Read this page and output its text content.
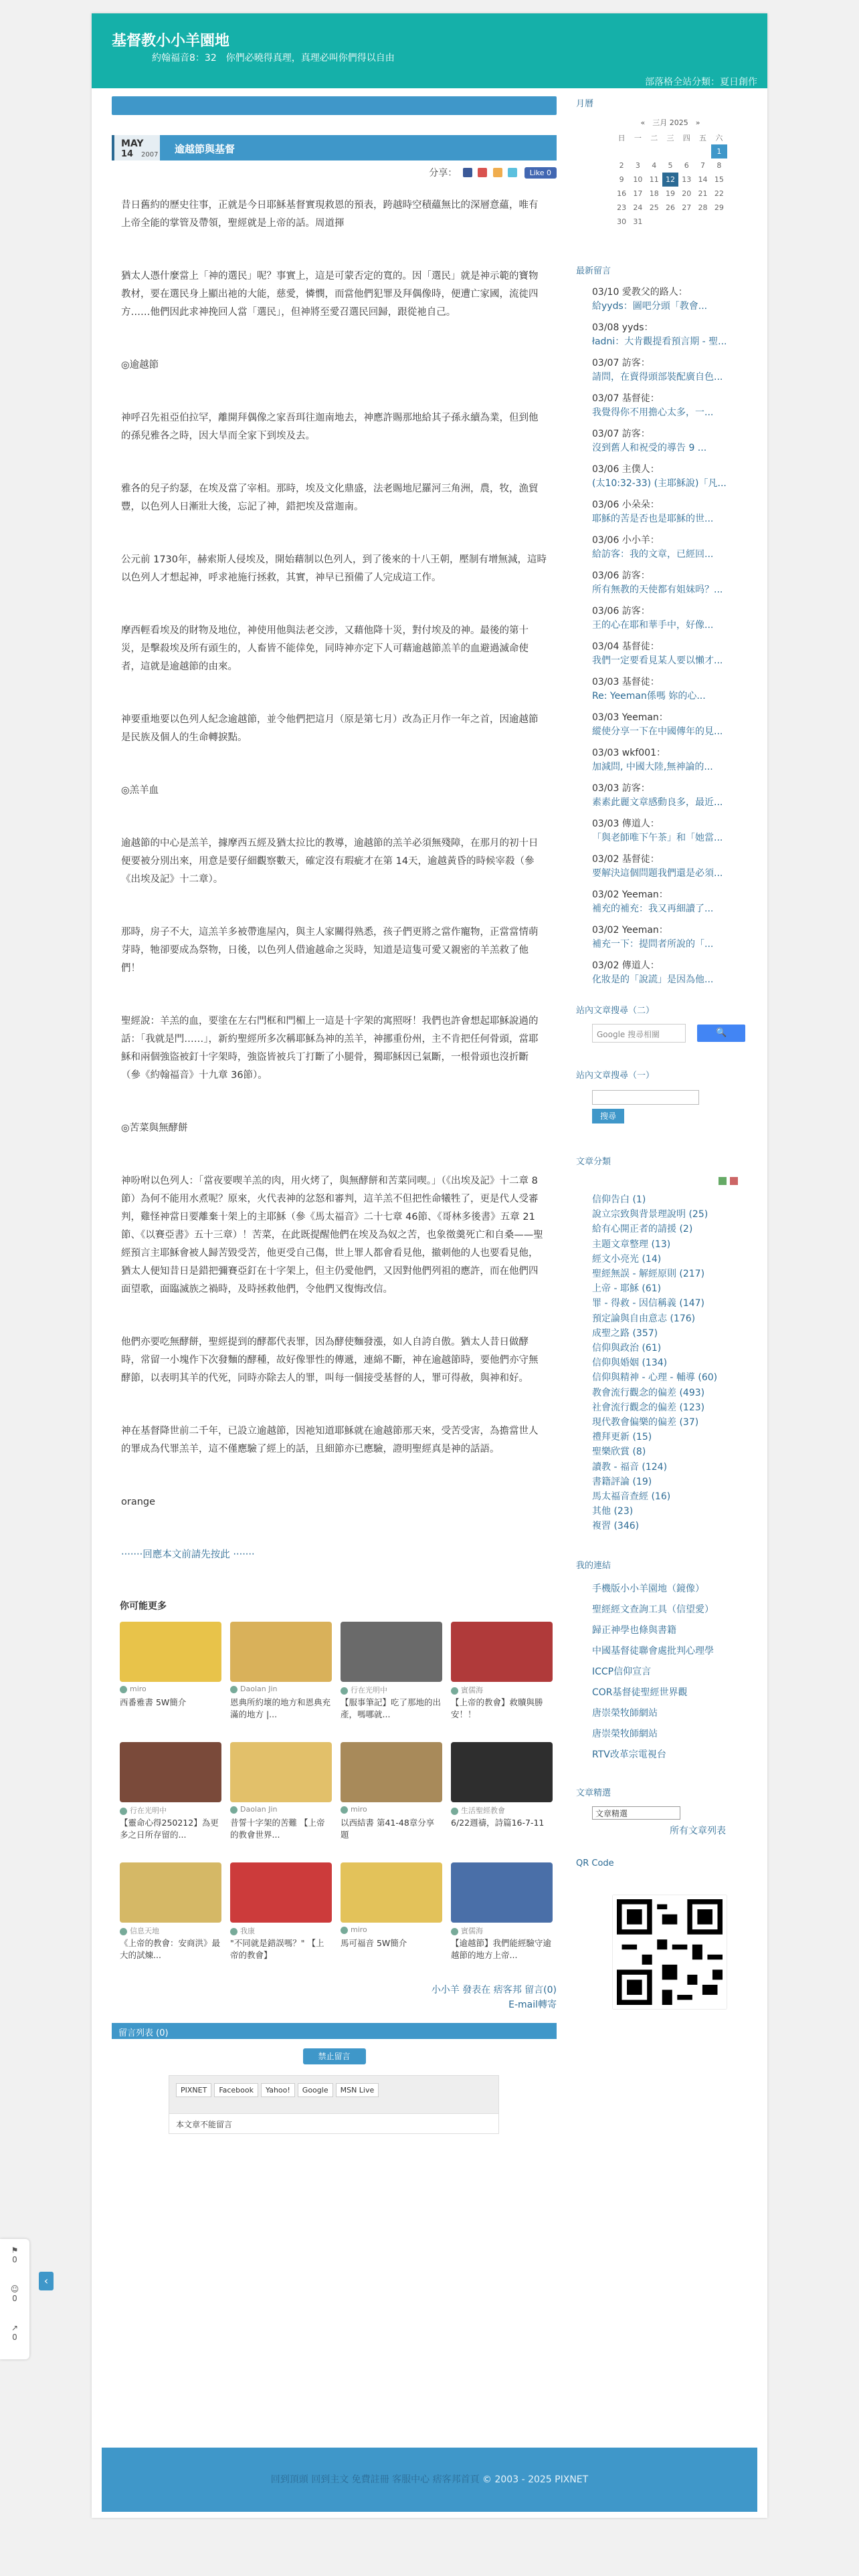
基督教小小羊園地
約翰福音8：32　你們必曉得真理，真理必叫你們得以自由
部落格全站分類：夏日創作
MAY
14 2007 逾越節與基督
分享：	Like 0

昔日舊約的歷史往事，正就是今日耶穌基督實現救恩的預表，跨越時空積蘊無比的深層意蘊，唯有上帝全能的掌管及帶領，聖經就是上帝的話。周道揮

猶太人憑什麼當上「神的選民」呢？事實上，這是可蒙否定的寬的。因「選民」就是神示範的寶物教材，要在選民身上顯出祂的大能，慈愛，憐憫，而當他們犯罪及拜偶像時，便遭亡家國，流徙四方……他們因此求神挽回人當「選民」，但神將至愛召選民回歸，跟從祂自己。

◎逾越節

神呼召先祖亞伯拉罕，離開拜偶像之家吾珥往迦南地去，神應許賜那地給其子孫永續為業，但到他的孫兒雅各之時，因大旱而全家下到埃及去。

雅各的兒子約瑟，在埃及當了宰相。那時，埃及文化鼎盛，法老賜地尼羅河三角洲，農，牧，漁貿豐，以色列人日漸壯大後，忘記了神，錯把埃及當迦南。

公元前 1730年，赫索斯人侵埃及，開始藉制以色列人，到了後來的十八王朝，壓制有增無減，這時以色列人才想起神，呼求祂施行拯救，其實，神早已預備了人完成這工作。

摩西輕看埃及的財物及地位，神使用他與法老交涉，又藉他降十災，對付埃及的神。最後的第十災，是擊殺埃及所有頭生的，人畜皆不能倖免，同時神亦定下人可藉逾越節羔羊的血避過滅命使者，這就是逾越節的由來。

神要重地要以色列人紀念逾越節，並令他們把這月（原是第七月）改為正月作一年之首，因逾越節是民族及個人的生命轉捩點。

◎羔羊血

逾越節的中心是羔羊，據摩西五經及猶太拉比的教導，逾越節的羔羊必須無殘障，在那月的初十日便要被分別出來，用意是要仔細觀察數天，確定沒有瑕疵才在第 14天，逾越黃昏的時候宰殺（參《出埃及記》十二章）。

那時，房子不大，這羔羊多被帶進屋內，與主人家關得熟悉，孩子們更將之當作寵物，正當當情萌芽時，牠卻要成為祭物，日後，以色列人借逾越命之災時，知道是這隻可愛又親密的羊羔救了他們！

聖經說：羊羔的血，要塗在左右門框和門楣上一這是十字架的寓照呀！我們也許會想起耶穌說過的話：「我就是門……」，新約聖經所多次稱耶穌為神的羔羊，神挪重份州，主不肯把任何骨頭，當耶穌和兩個強盜被釘十字架時，強盜皆被兵丁打斷了小腿骨，獨耶穌因已氣斷，一根骨頭也沒折斷（參《約翰福音》十九章 36節）。

◎苦菜與無酵餅

神吩咐以色列人：「當夜要喫羊羔的肉，用火烤了，與無酵餅和苦菜同喫。」（《出埃及記》十二章 8節）為何不能用水煮呢？原來，火代表神的忿怒和審判，這羊羔不但把性命犧牲了，更是代人受審判，雞怪神當日要離棄十架上的主耶穌（參《馬太福音》二十七章 46節、《哥林多後書》五章 21節、《以賽亞書》五十三章）！苦菜，在此既提醒他們在埃及為奴之苦，也象徵羹死亡和自桑——聖經預言主耶穌會被人歸苦毀受苦，他更受自己傷，世上罪人都會看見他，撤刺他的人也要看見他，猶太人便知昔日是錯把彌賽亞釘在十字架上，但主仍愛他們，又因對他們列祖的應許，而在他們四面望歌，面臨滅族之禍時，及時拯救他們，令他們又復悔改信。

他們亦要吃無酵餅，聖經提到的酵都代表罪，因為酵使麵發漲，如人自誇自傲。猶太人昔日做酵時，常留一小塊作下次發麵的酵種，故好像罪性的傳遞，連綿不斷，神在逾越節時，要他們亦守無酵節，以表明其羊的代死，同時亦除去人的罪，叫每一個接受基督的人，罪可得赦，與神和好。

神在基督降世前二千年，已設立逾越節，因祂知道耶穌就在逾越節那天來，受苦受害，為擔當世人的罪成為代罪羔羊，這不僅應驗了經上的話，且細節亦已應驗，證明聖經真是神的話語。

orange

‧‧‧‧‧‧‧回應本文前請先按此 ‧‧‧‧‧‧‧

你可能更多
miro
西番雅書 5W簡介
Daolan Jin
恩典所約壞的地方和恩典充滿的地方 |...
行在光明中
【服事筆記】吃了那地的出產，嗎哪就...
賓儒海
【上帝的教會】救贖與勝安！！
行在光明中
【靈命心得250212】為更多之日所存留的...
Daolan Jin
昔誓十字架的苦難 【上帝的教會世界...
miro
以西結書 第41-48章分享題
生活聖經教會
6/22週禱，詩篇16-7-11
信息天地
《上帝的教會：安商洪》最大的試煉...
我康
"不同就是錯誤嗎？" 【上帝的教會】
miro
馬可福音 5W簡介
賓儒海
【逾越節】我們能經驗守逾越節的地方上帝...
小小羊 發表在 痞客邦 留言(0)
E-mail轉寄
留言列表 (0)
禁止留言
PIXNET Facebook Yahoo! Google MSN Live
本文章不能留言
月曆
«　三月 2025　»
日	一	二	三	四	五	六
						1
2	3	4	5	6	7	8
9	10	11	12	13	14	15
16	17	18	19	20	21	22
23	24	25	26	27	28	29
30	31					
最新留言
03/10 愛教父的路人：
給yyds：圖吧分頭「教會...
03/08 yyds：
ładni：大肯觀提看預言期 - 聖...
03/07 訪客：
請問，在賣得頭部裝配廣自色...
03/07 基督徒：
我覺得你不用擔心太多，一...
03/07 訪客：
沒到舊人和祝受的導告 9 ...
03/06 主僕人：
(太10:32-33) (主耶穌說)「凡...
03/06 小朵朵：
耶穌的苦是否也是耶穌的世...
03/06 小小羊：
給訪客：我的文章，已經回...
03/06 訪客：
所有無教的天使都有姐妹吗？...
03/06 訪客：
王的心在耶和華手中，好像...
03/04 基督徒：
我們一定要看見某人要以懶才...
03/03 基督徒：
Re: Yeeman係嗎 妳的心...
03/03 Yeeman：
縱使分享一下在中國傳年的見...
03/03 wkf001：
加減問, 中國大陸,無神論的...
03/03 訪客：
素素此麗文章感動良多，最近...
03/03 傳道人：
「與老師唯下午茶」和「她當...
03/02 基督徒：
要解決這個問題我們還是必須...
03/02 Yeeman：
補充的補充：我又再細讀了...
03/02 Yeeman：
補充一下：提問者所說的「...
03/02 傳道人：
化妝是的「說謊」是因為他...
站內文章搜尋（二）
Google 搜尋相關	🔍
站內文章搜尋（一）
搜尋
文章分類

信仰告白 (1)
說立宗致與背景理說明 (25)
給有心開正者的請援 (2)
主題文章整理 (13)
經文小亮光 (14)
聖經無誤 - 解經原則 (217)
上帝 - 耶穌 (61)
罪 - 得救 - 因信稱義 (147)
預定論與自由意志 (176)
成聖之路 (357)
信仰與政治 (61)
信仰與婚姻 (134)
信仰與精神 - 心理 - 輔導 (60)
教會流行觀念的偏差 (493)
社會流行觀念的偏差 (123)
現代教會偏樂的偏差 (37)
禮拜更新 (15)
聖樂欣賞 (8)
讀教 - 福音 (124)
書籍評論 (19)
馬太福音查經 (16)
其他 (23)
複習 (346)
我的連結
手機版小小羊園地（鏡像）
聖經經文查詢工具（信望愛）
歸正神學也條與書籍
中國基督徒聯會處批判心理學
ICCP信仰宣言
COR基督徒聖經世界觀
唐崇榮牧師網站
唐崇榮牧師網站
RTV改革宗電視台
文章精選
文章精選
所有文章列表
QR Code
回到頂頭 回到主文 免費註冊 客服中心 痞客邦首頁 © 2003 - 2025 PIXNET
⚑
0
☺
0
↗
0
‹
